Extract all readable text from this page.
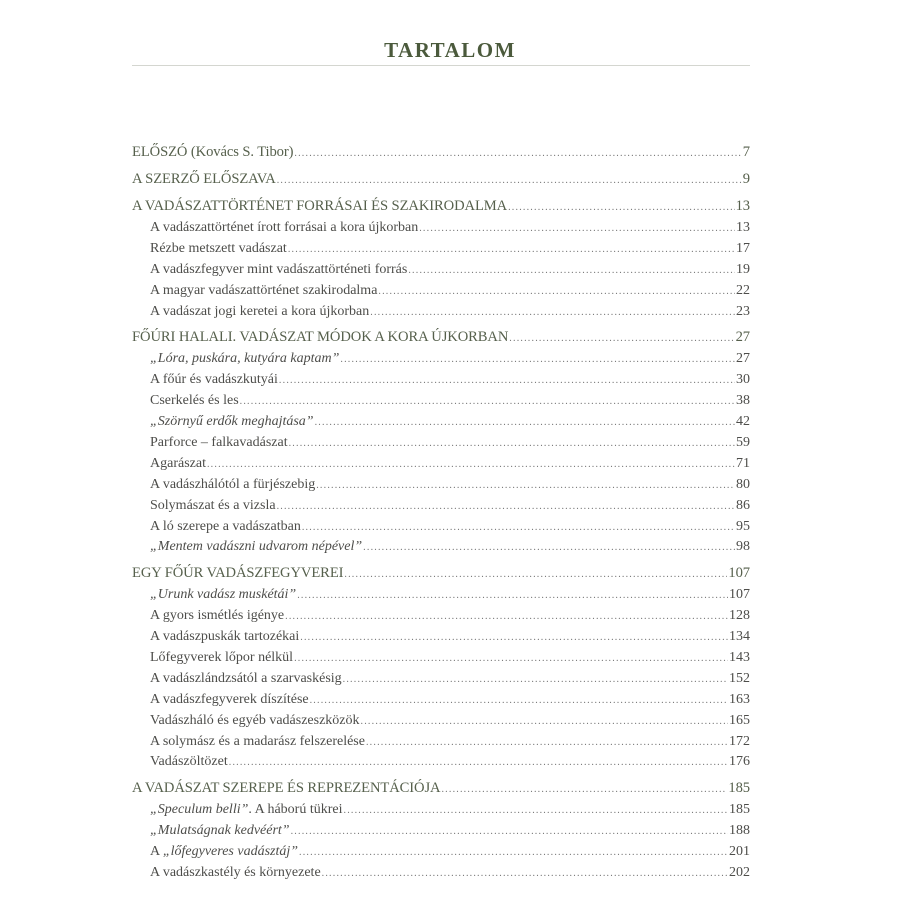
TARTALOM
ELŐSZÓ (Kovács S. Tibor) .....	7
A SZERZŐ ELŐSZAVA .....	9
A VADÁSZATTÖRTÉNET FORRÁSAI ÉS SZAKIRODALMA .....	13
A vadászattörténet írott forrásai a kora újkorban .....	13
Rézbe metszett vadászat .....	17
A vadászfegyver mint vadászattörténeti forrás .....	19
A magyar vadászattörténet szakirodalma .....	22
A vadászat jogi keretei a kora újkorban .....	23
FŐÚRI HALALI. VADÁSZAT MÓDOK A KORA ÚJKORBAN .....	27
„Lóra, puskára, kutyára kaptam” .....	27
A főúr és vadászkutyái .....	30
Cserkelés és les .....	38
„Szörnyű erdők meghajtása” .....	42
Parforce – falkavadászat .....	59
Agarászat .....	71
A vadászhálótól a fürjészebig .....	80
Solymászat és a vizsla .....	86
A ló szerepe a vadászatban .....	95
„Mentem vadászni udvarom népével” .....	98
EGY FŐÚR VADÁSZFEGYVEREI .....	107
„Urunk vadász muskétái” .....	107
A gyors ismétlés igénye .....	128
A vadászpuskák tartozékai .....	134
Lőfegyverek lőpor nélkül .....	143
A vadászlándzsától a szarvaskésig .....	152
A vadászfegyverek díszítése .....	163
Vadászháló és egyéb vadászeszközök .....	165
A solymász és a madarász felszerelése .....	172
Vadászöltözet .....	176
A VADÁSZAT SZEREPE ÉS REPREZENTÁCIÓJA .....	185
„Speculum belli”. A háború tükrei .....	185
„Mulatságnak kedvéért” .....	188
A „lőfegyveres vadásztáj” .....	201
A vadászkastély és környezete .....	202
